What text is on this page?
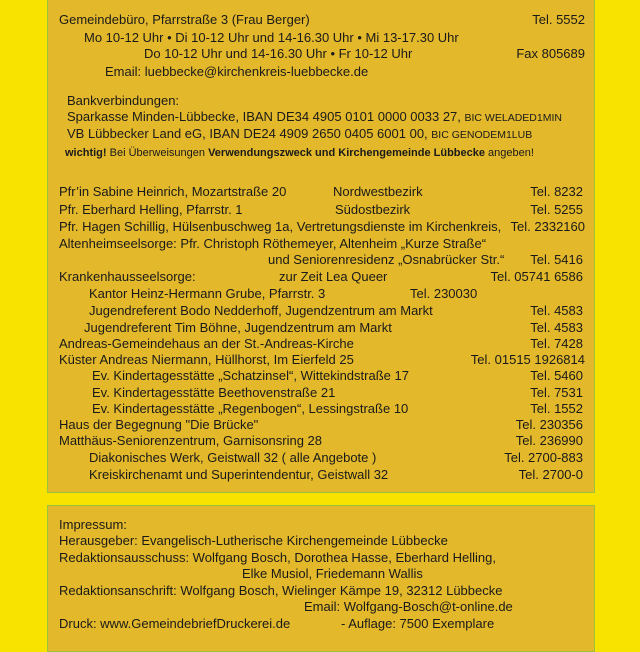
Gemeindebüro, Pfarrstraße 3 (Frau Berger)	Tel. 5552
Mo 10-12 Uhr • Di 10-12 Uhr und 14-16.30 Uhr • Mi 13-17.30 Uhr
Do 10-12 Uhr und 14-16.30 Uhr • Fr 10-12 Uhr	Fax 805689
Email: luebbecke@kirchenkreis-luebbecke.de
Bankverbindungen:
Sparkasse Minden-Lübbecke, IBAN DE34 4905 0101 0000 0033 27, BIC WELADED1MIN
VB Lübbecker Land eG, IBAN DE24 4909 2650 0405 6001 00, BIC GENODEM1LUB
wichtig! Bei Überweisungen Verwendungszweck und Kirchengemeinde Lübbecke angeben!
Pfr’in Sabine Heinrich, Mozartstraße 20	Nordwestbezirk	Tel. 8232
Pfr. Eberhard Helling, Pfarrstr. 1	Südostbezirk	Tel. 5255
Pfr. Hagen Schillig, Hülsenbuschweg 1a, Vertretungsdienste im Kirchenkreis, Tel. 2332160
Altenheimseelsorge: Pfr. Christoph Röthemeyer, Altenheim „Kurze Straße“
und Seniorenresidenz „Osnabrücker Str.“ Tel. 5416
Krankenhausseelsorge:	zur Zeit Lea Queer	Tel. 05741 6586
Kantor Heinz-Hermann Grube, Pfarrstr. 3	Tel. 230030
Jugendreferent Bodo Nedderhoff, Jugendzentrum am Markt	Tel. 4583
Jugendreferent Tim Böhne, Jugendzentrum am Markt	Tel. 4583
Andreas-Gemeindehaus an der St.-Andreas-Kirche	Tel. 7428
Küster Andreas Niermann, Hüllhorst, Im Eierfeld 25	Tel. 01515 1926814
Ev. Kindertagesstätte „Schatzinsel“, Wittekindstraße 17	Tel. 5460
Ev. Kindertagesstätte Beethovenstraße 21	Tel. 7531
Ev. Kindertagesstätte „Regenbogen“, Lessingstraße 10	Tel. 1552
Haus der Begegnung "Die Brücke"	Tel. 230356
Matthäus-Seniorenzentrum, Garnisonsring 28	Tel. 236990
Diakonisches Werk, Geistwall 32 ( alle Angebote )	Tel. 2700-883
Kreiskirchenamt und Superintendentur, Geistwall 32	Tel. 2700-0
Impressum:
Herausgeber: Evangelisch-Lutherische Kirchengemeinde Lübbecke
Redaktionsausschuss: Wolfgang Bosch, Dorothea Hasse, Eberhard Helling,
Elke Musiol, Friedemann Wallis
Redaktionsanschrift: Wolfgang Bosch, Wielinger Kämpe 19, 32312 Lübbecke
Email: Wolfgang-Bosch@t-online.de
Druck: www.GemeindebriefDruckerei.de	- Auflage: 7500 Exemplare
